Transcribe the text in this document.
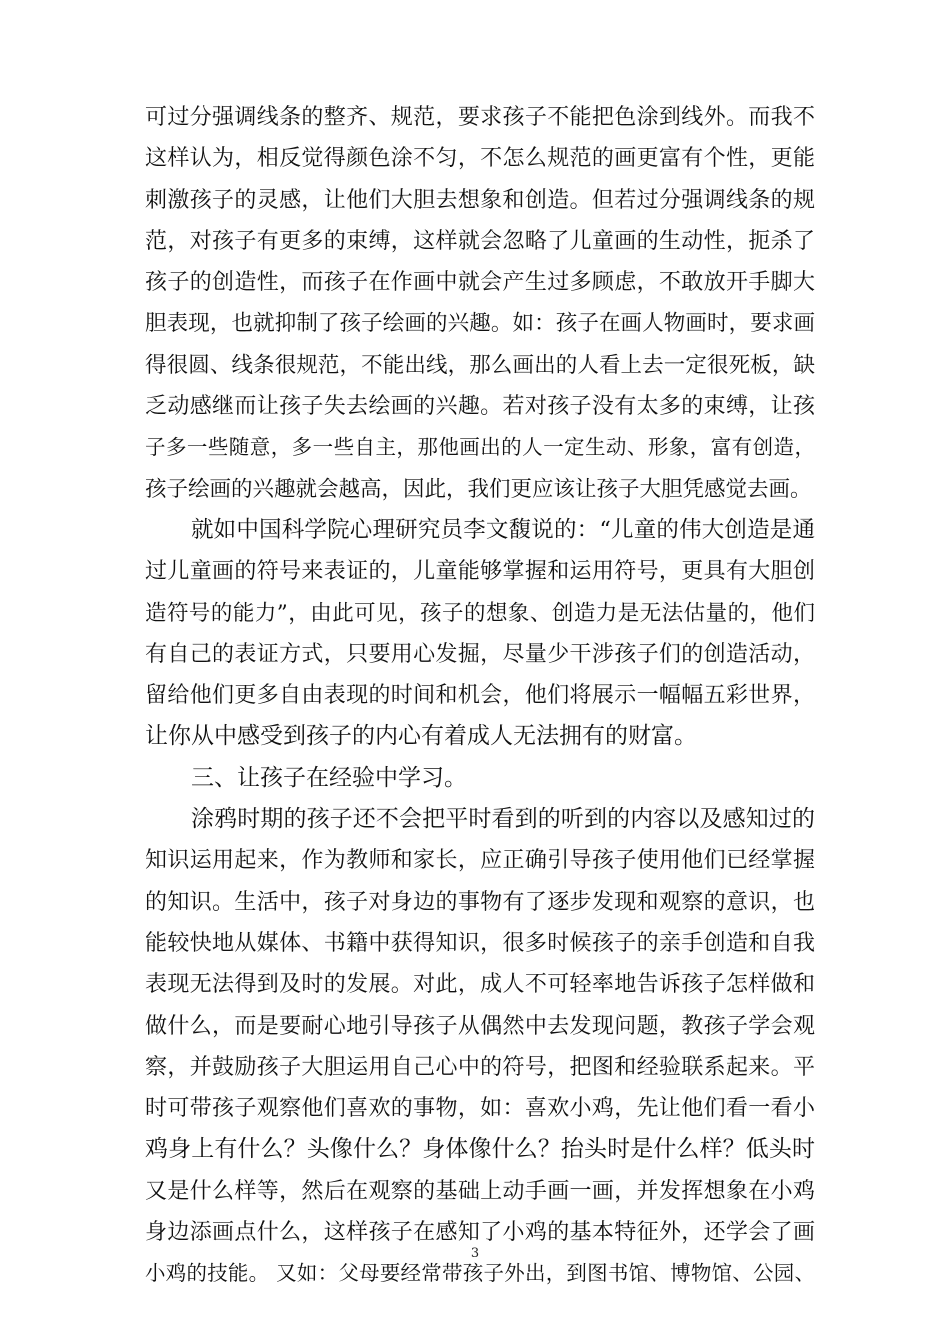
可过分强调线条的整齐、规范，要求孩子不能把色涂到线外。而我不
这样认为，相反觉得颜色涂不匀，不怎么规范的画更富有个性，更能
刺激孩子的灵感，让他们大胆去想象和创造。但若过分强调线条的规
范，对孩子有更多的束缚，这样就会忽略了儿童画的生动性，扼杀了
孩子的创造性，而孩子在作画中就会产生过多顾虑，不敢放开手脚大
胆表现，也就抑制了孩子绘画的兴趣。如：孩子在画人物画时，要求画
得很圆、线条很规范，不能出线，那么画出的人看上去一定很死板，缺
乏动感继而让孩子失去绘画的兴趣。若对孩子没有太多的束缚，让孩
子多一些随意，多一些自主，那他画出的人一定生动、形象，富有创造，
孩子绘画的兴趣就会越高，因此，我们更应该让孩子大胆凭感觉去画。
就如中国科学院心理研究员李文馥说的：“儿童的伟大创造是通
过儿童画的符号来表证的，儿童能够掌握和运用符号，更具有大胆创
造符号的能力”，由此可见，孩子的想象、创造力是无法估量的，他们
有自己的表证方式，只要用心发掘，尽量少干涉孩子们的创造活动，
留给他们更多自由表现的时间和机会，他们将展示一幅幅五彩世界，
让你从中感受到孩子的内心有着成人无法拥有的财富。
三、让孩子在经验中学习。
涂鸦时期的孩子还不会把平时看到的听到的内容以及感知过的
知识运用起来，作为教师和家长，应正确引导孩子使用他们已经掌握
的知识。生活中，孩子对身边的事物有了逐步发现和观察的意识，也
能较快地从媒体、书籍中获得知识，很多时候孩子的亲手创造和自我
表现无法得到及时的发展。对此，成人不可轻率地告诉孩子怎样做和
做什么，而是要耐心地引导孩子从偶然中去发现问题，教孩子学会观
察，并鼓励孩子大胆运用自己心中的符号，把图和经验联系起来。平
时可带孩子观察他们喜欢的事物，如：喜欢小鸡，先让他们看一看小
鸡身上有什么？头像什么？身体像什么？抬头时是什么样？低头时
又是什么样等，然后在观察的基础上动手画一画，并发挥想象在小鸡
身边添画点什么，这样孩子在感知了小鸡的基本特征外，还学会了画
小鸡的技能。 又如：父母要经常带孩子外出，到图书馆、博物馆、公园、
3
